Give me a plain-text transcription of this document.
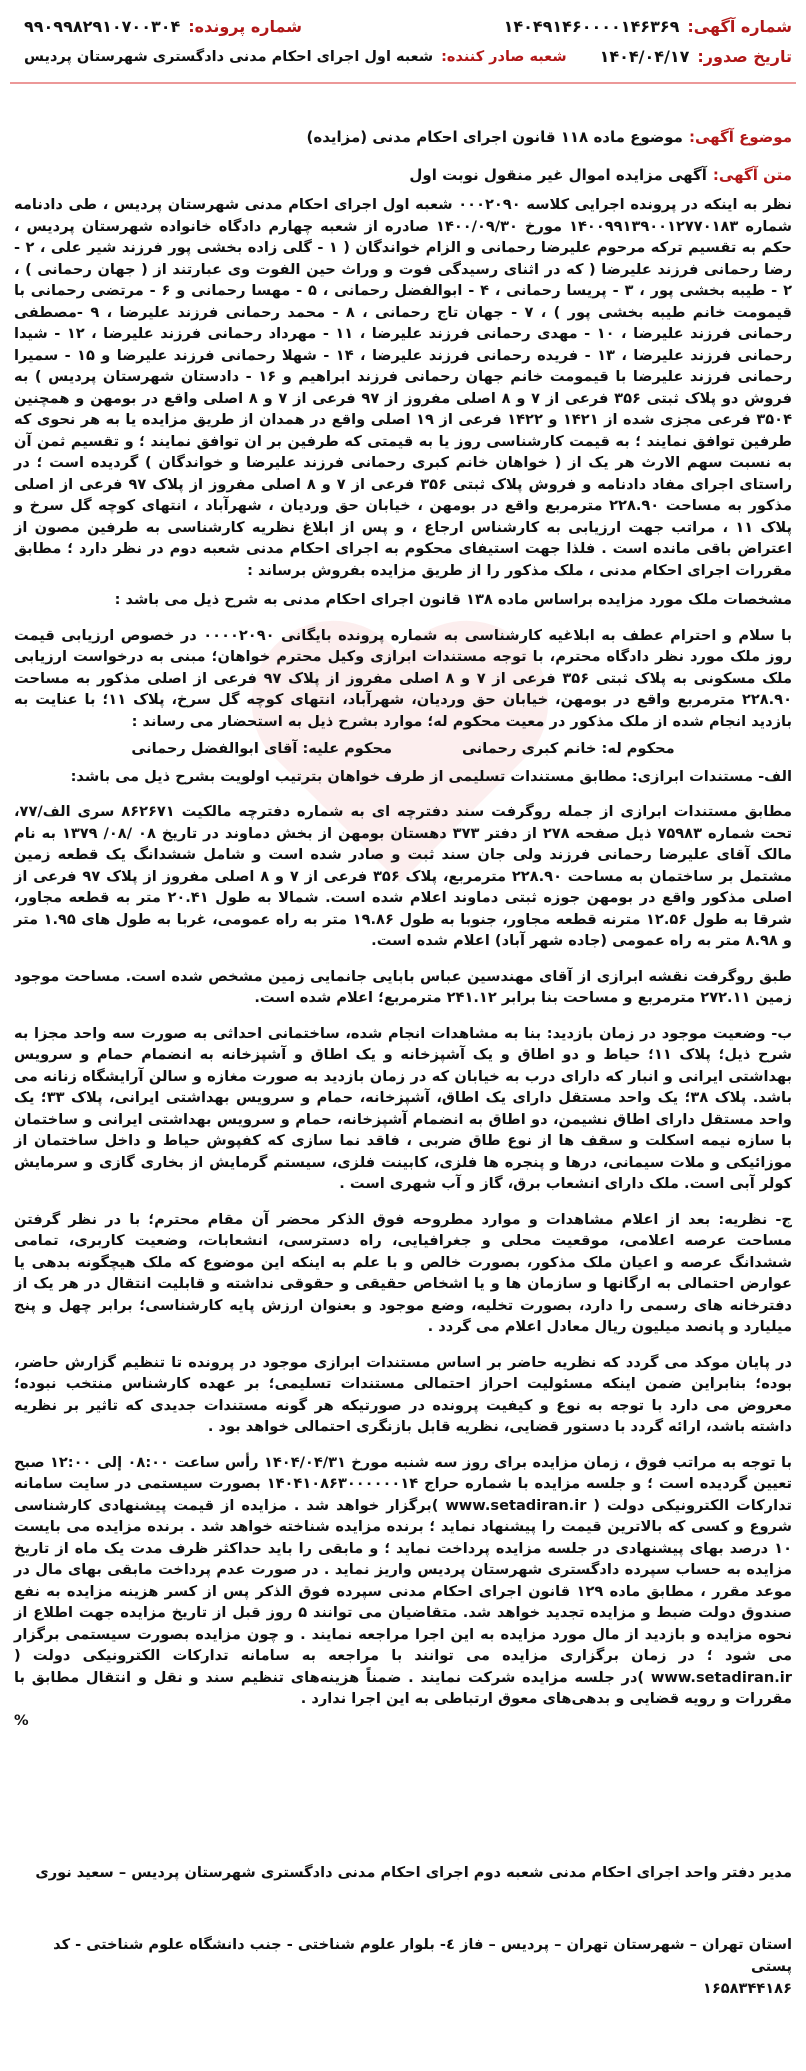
شماره آگهی:۱۴۰۴۹۱۴۶۰۰۰۰۱۴۶۳۶۹
شماره پرونده:۹۹۰۹۹۸۲۹۱۰۷۰۰۳۰۴
تاریخ صدور:۱۴۰۴/۰۴/۱۷
شعبه صادر کننده:شعبه اول اجرای احکام مدنی دادگستری شهرستان پردیس
موضوع آگهی:موضوع ماده ۱۱۸ قانون اجرای احکام مدنی (مزایده)
متن آگهی:آگهی مزایده اموال غیر منقول نوبت اول

نظر به اینکه در پرونده اجرایی کلاسه ۰۰۰۲۰۹۰ شعبه اول اجرای احکام مدنی شهرستان پردیس ، طی دادنامه شماره ۱۴۰۰۹۹۱۳۹۰۰۱۲۷۷۰۱۸۳ مورخ ۱۴۰۰/۰۹/۳۰ صادره از شعبه چهارم دادگاه خانواده شهرستان پردیس ، حکم به تقسیم ترکه مرحوم علیرضا رحمانی و الزام خواندگان ( ۱ - گلی زاده بخشی پور فرزند شیر علی ، ۲ - رضا رحمانی فرزند علیرضا ( که در اثنای رسیدگی فوت و وراث حین الفوت وی عبارتند از ( جهان رحمانی ) ، ۲ - طیبه بخشی پور ، ۳ - پریسا رحمانی ، ۴ - ابوالفضل رحمانی ، ۵ - مهسا رحمانی و ۶ - مرتضی رحمانی با قیمومت خانم طیبه بخشی پور ) ، ۷ - جهان تاج رحمانی ، ۸ - محمد رحمانی فرزند علیرضا ، ۹ -مصطفی رحمانی فرزند علیرضا ، ۱۰ - مهدی رحمانی فرزند علیرضا ، ۱۱ - مهرداد رحمانی فرزند علیرضا ، ۱۲ - شیدا رحمانی فرزند علیرضا ، ۱۳ - فریده رحمانی فرزند علیرضا ، ۱۴ - شهلا رحمانی فرزند علیرضا و ۱۵ - سمیرا رحمانی فرزند علیرضا با قیمومت خانم جهان رحمانی فرزند ابراهیم و ۱۶ - دادستان شهرستان پردیس ) به فروش دو پلاک ثبتی ۳۵۶ فرعی از ۷ و ۸ اصلی مفروز از ۹۷ فرعی از ۷ و ۸ اصلی واقع در بومهن و همچنین ۳۵۰۴ فرعی مجزی شده از ۱۴۲۱ و ۱۴۲۲ فرعی از ۱۹ اصلی واقع در همدان از طریق مزایده یا به هر نحوی که طرفین توافق نمایند ؛ به قیمت کارشناسی روز یا به قیمتی که طرفین بر ان توافق نمایند ؛ و تقسیم ثمن آن به نسبت سهم الارث هر یک از ( خواهان خانم کبری رحمانی فرزند علیرضا و خواندگان ) گردیده است ؛ در راستای اجرای مفاد دادنامه و فروش پلاک ثبتی ۳۵۶ فرعی از ۷ و ۸ اصلی مفروز از پلاک ۹۷ فرعی از اصلی مذکور به مساحت ۲۲۸.۹۰ مترمربع واقع در بومهن ، خیابان حق وردیان ، شهرآباد ، انتهای کوچه گل سرخ و پلاک ۱۱ ، مراتب جهت ارزیابی به کارشناس ارجاع ، و پس از ابلاغ نظریه کارشناسی به طرفین مصون از اعتراض باقی مانده است . فلذا جهت استیفای محکوم به اجرای احکام مدنی شعبه دوم در نظر دارد ؛ مطابق مقررات اجرای احکام مدنی ، ملک مذکور را از طریق مزایده بفروش برساند :

مشخصات ملک مورد مزایده براساس ماده ۱۳۸ قانون اجرای احکام مدنی به شرح ذیل می باشد :

با سلام و احترام عطف به ابلاغیه کارشناسی به شماره پرونده بایگانی ۰۰۰۰۲۰۹۰ در خصوص ارزیابی قیمت روز ملک مورد نظر دادگاه محترم، با توجه مستندات ابرازی وکیل محترم خواهان؛ مبنی به درخواست ارزیابی ملک مسکونی به پلاک ثبتی ۳۵۶ فرعی از ۷ و ۸ اصلی مفروز از پلاک ۹۷ فرعی از اصلی مذکور به مساحت ۲۲۸.۹۰ مترمربع واقع در بومهن، خیابان حق وردیان، شهرآباد، انتهای کوچه گل سرخ، پلاک ۱۱؛ با عنایت به بازدید انجام شده از ملک مذکور در معیت محکوم له؛ موارد بشرح ذیل به استحضار می رساند :

محکوم له: خانم کبری رحمانی
محکوم علیه: آقای ابوالفضل رحمانی

الف- مستندات ابرازی: مطابق مستندات تسلیمی از طرف خواهان بترتیب اولویت بشرح ذیل می باشد:

مطابق مستندات ابرازی از جمله روگرفت سند دفترچه ای به شماره دفترچه مالکیت ۸۶۲۶۷۱ سری الف/۷۷، تحت شماره ۷۵۹۸۳ ذیل صفحه ۲۷۸ از دفتر ۳۷۳ دهستان بومهن از بخش دماوند در تاریخ ۰۸ /۰۸/ ۱۳۷۹ به نام مالک آقای علیرضا رحمانی فرزند ولی جان سند ثبت و صادر شده است و شامل ششدانگ یک قطعه زمین مشتمل بر ساختمان به مساحت ۲۲۸.۹۰ مترمربع، پلاک ۳۵۶ فرعی از ۷ و ۸ اصلی مفروز از پلاک ۹۷ فرعی از اصلی مذکور واقع در بومهن جوزه ثبتی دماوند اعلام شده است. شمالا به طول ۲۰.۴۱ متر به قطعه مجاور، شرقا به طول ۱۲.۵۶ مترنه قطعه مجاور، جنوبا به طول ۱۹.۸۶ متر به راه عمومی، غربا به طول های ۱.۹۵ متر و ۸.۹۸ متر به راه عمومی (جاده شهر آباد) اعلام شده است.

طبق روگرفت نقشه ابرازی از آقای مهندسین عباس بابایی جانمایی زمین مشخص شده است. مساحت موجود زمین ۲۷۲.۱۱ مترمربع و مساحت بنا برابر ۲۴۱.۱۲ مترمربع؛ اعلام شده است.

ب- وضعیت موجود در زمان بازدید: بنا به مشاهدات انجام شده، ساختمانی احداثی به صورت سه واحد مجزا به شرح ذیل؛ پلاک ۱۱؛ حیاط و دو اطاق و یک آشپزخانه و یک اطاق و آشپزخانه به انضمام حمام و سرویس بهداشتی ایرانی و انبار که دارای درب به خیابان که در زمان بازدید به صورت مغازه و سالن آرایشگاه زنانه می باشد. پلاک ۳۸؛ یک واحد مستقل دارای یک اطاق، آشپزخانه، حمام و سرویس بهداشتی ایرانی، پلاک ۳۳؛ یک واحد مستقل دارای اطاق نشیمن، دو اطاق به انضمام آشپزخانه، حمام و سرویس بهداشتی ایرانی و ساختمان با سازه نیمه اسکلت و سقف ها از نوع طاق ضربی ، فاقد نما سازی که کفپوش حیاط و داخل ساختمان از موزائیکی و ملات سیمانی، درها و پنجره ها فلزی، کابینت فلزی، سیستم گرمایش از بخاری گازی و سرمایش کولر آبی است. ملک دارای انشعاب برق، گاز و آب شهری است .

ج- نظریه: بعد از اعلام مشاهدات و موارد مطروحه فوق الذکر محضر آن مقام محترم؛ با در نظر گرفتن مساحت عرصه اعلامی، موقعیت محلی و جغرافیایی، راه دسترسی، انشعابات، وضعیت کاربری، تمامی ششدانگ عرصه و اعیان ملک مذکور، بصورت خالص و با علم به اینکه این موضوع که ملک هیچگونه بدهی یا عوارض احتمالی به ارگانها و سازمان ها و یا اشخاص حقیقی و حقوقی نداشته و قابلیت انتقال در هر یک از دفترخانه های رسمی را دارد، بصورت تخلیه، وضع موجود و بعنوان ارزش پایه کارشناسی؛ برابر چهل و پنج میلیارد و پانصد میلیون ریال معادل اعلام می گردد .

در پایان موکد می گردد که نظریه حاضر بر اساس مستندات ابرازی موجود در پرونده تا تنظیم گزارش حاضر، بوده؛ بنابراین ضمن اینکه مسئولیت احراز احتمالی مستندات تسلیمی؛ بر عهده کارشناس منتخب نبوده؛ معروض می دارد با توجه به نوع و کیفیت پرونده در صورتیکه هر گونه مستندات جدیدی که تاثیر بر نظریه داشته باشد، ارائه گردد با دستور قضایی، نظریه قابل بازنگری احتمالی خواهد بود .

با توجه به مراتب فوق ، زمان مزایده برای روز سه شنبه مورخ ۱۴۰۴/۰۴/۳۱ رأس ساعت ۰۸:۰۰ إلی ۱۲:۰۰ صبح تعیین گردیده است ؛ و جلسه مزایده با شماره حراج ۱۴۰۴۱۰۸۶۳۰۰۰۰۰۰۱۴ بصورت سیستمی در سایت سامانه تدارکات الکترونیکی دولت ( www.setadiran.ir )برگزار خواهد شد . مزایده از قیمت پیشنهادی کارشناسی شروع و کسی که بالاترین قیمت را پیشنهاد نماید ؛ برنده مزایده شناخته خواهد شد . برنده مزایده می بایست ۱۰ درصد بهای پیشنهادی در جلسه مزایده پرداخت نماید ؛ و مابقی را باید حداکثر ظرف مدت یک ماه از تاریخ مزایده به حساب سپرده دادگستری شهرستان پردیس واریز نماید . در صورت عدم پرداخت مابقی بهای مال در موعد مقرر ، مطابق ماده ۱۲۹ قانون اجرای احکام مدنی سپرده فوق الذکر پس از کسر هزینه مزایده به نفع صندوق دولت ضبط و مزایده تجدید خواهد شد. متقاضیان می توانند ۵ روز قبل از تاریخ مزایده جهت اطلاع از نحوه مزایده و بازدید از مال مورد مزایده به این اجرا مراجعه نمایند . و چون مزایده بصورت سیستمی برگزار می شود ؛ در زمان برگزاری مزایده می توانند با مراجعه به سامانه تدارکات الکترونیکی دولت ( www.setadiran.ir )در جلسه مزایده شرکت نمایند . ضمناً هزینه‌های تنظیم سند و نقل و انتقال مطابق با مقررات و رویه قضایی و بدهی‌های معوق ارتباطی به این اجرا ندارد .

%

مدیر دفتر واحد اجرای احکام مدنی شعبه دوم اجرای احکام مدنی دادگستری شهرستان پردیس – سعید نوری
استان تهران – شهرستان تهران – پردیس – فاز ٤- بلوار علوم شناختی - جنب دانشگاه علوم شناختی - کد پستی
۱۶۵۸۳۴۴۱۸۶
